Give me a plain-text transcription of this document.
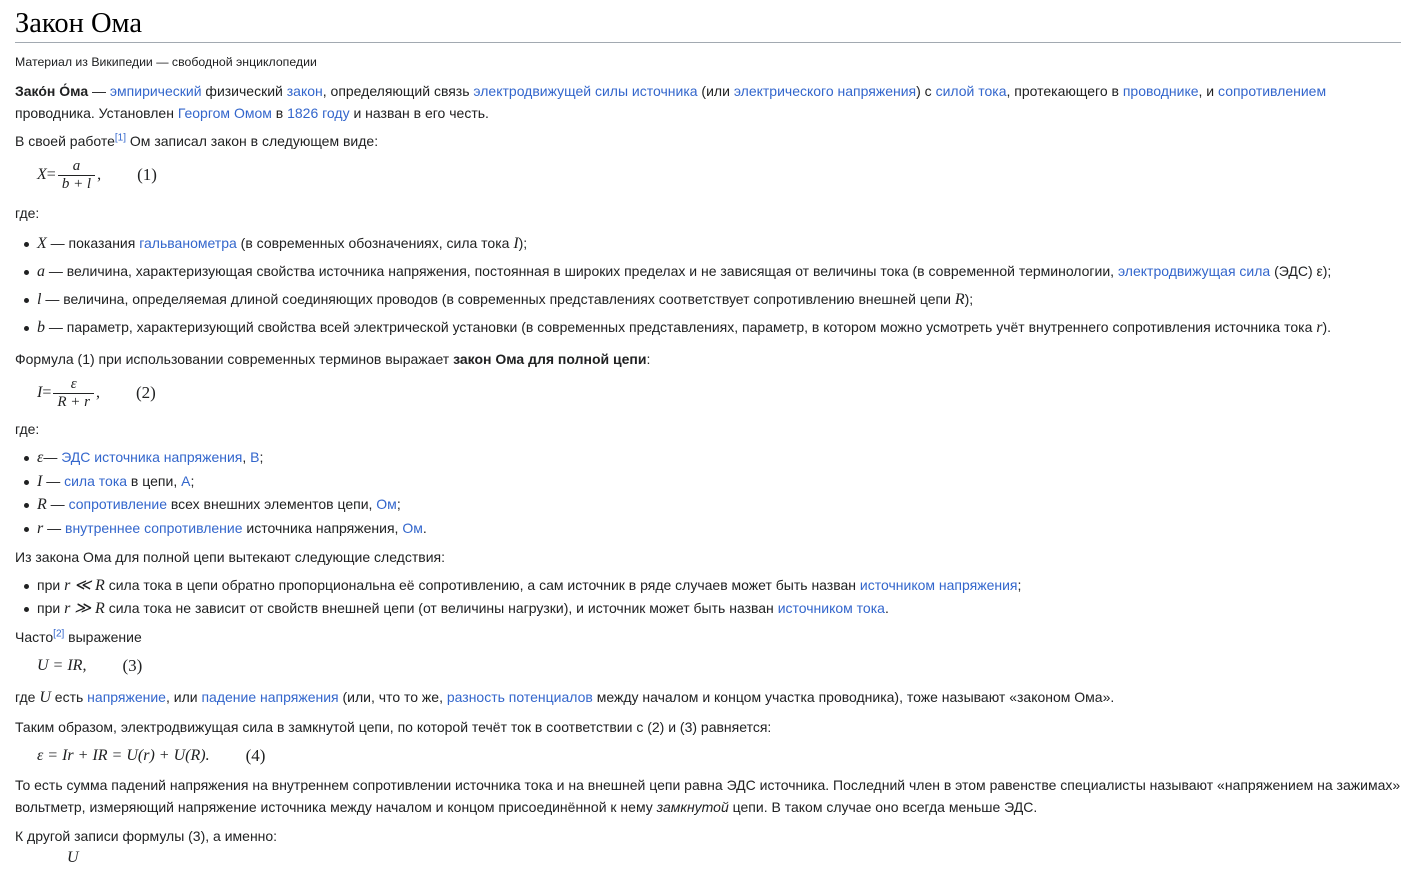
Закон Ома
Материал из Википедии — свободной энциклопедии

Зако́н О́ма — эмпирический физический закон, определяющий связь электродвижущей силы источника (или электрического напряжения) с силой тока, протекающего в проводнике, и сопротивлением
проводника. Установлен Георгом Омом в 1826 году и назван в его честь.

В своей работе[1] Ом записал закон в следующем виде:

$X = \frac{a}{b + l}$ , (1)

где:

X — показания гальванометра (в современных обозначениях, сила тока I);
a — величина, характеризующая свойства источника напряжения, постоянная в широких пределах и не зависящая от величины тока (в современной терминологии, электродвижущая сила (ЭДС) ε);
l — величина, определяемая длиной соединяющих проводов (в современных представлениях соответствует сопротивлению внешней цепи R);
b — параметр, характеризующий свойства всей электрической установки (в современных представлениях, параметр, в котором можно усмотреть учёт внутреннего сопротивления источника тока r).

Формула (1) при использовании современных терминов выражает закон Ома для полной цепи:

$I = \frac{\varepsilon}{R + r}$ , (2)

где:

ε— ЭДС источника напряжения, В;
I — сила тока в цепи, А;
R — сопротивление всех внешних элементов цепи, Ом;
r — внутреннее сопротивление источника напряжения, Ом.

Из закона Ома для полной цепи вытекают следующие следствия:

при r ≪ R сила тока в цепи обратно пропорциональна её сопротивлению, а сам источник в ряде случаев может быть назван источником напряжения;
при r ≫ R сила тока не зависит от свойств внешней цепи (от величины нагрузки), и источник может быть назван источником тока.

Часто[2] выражение

U = IR, (3)

где U есть напряжение, или падение напряжения (или, что то же, разность потенциалов между началом и концом участка проводника), тоже называют «законом Ома».

Таким образом, электродвижущая сила в замкнутой цепи, по которой течёт ток в соответствии с (2) и (3) равняется:

ε = Ir + IR = U(r) + U(R). (4)

То есть сумма падений напряжения на внутреннем сопротивлении источника тока и на внешней цепи равна ЭДС источника. Последний член в этом равенстве специалисты называют «напряжением на зажимах»
вольтметр, измеряющий напряжение источника между началом и концом присоединённой к нему замкнутой цепи. В таком случае оно всегда меньше ЭДС.

К другой записи формулы (3), а именно:

U
